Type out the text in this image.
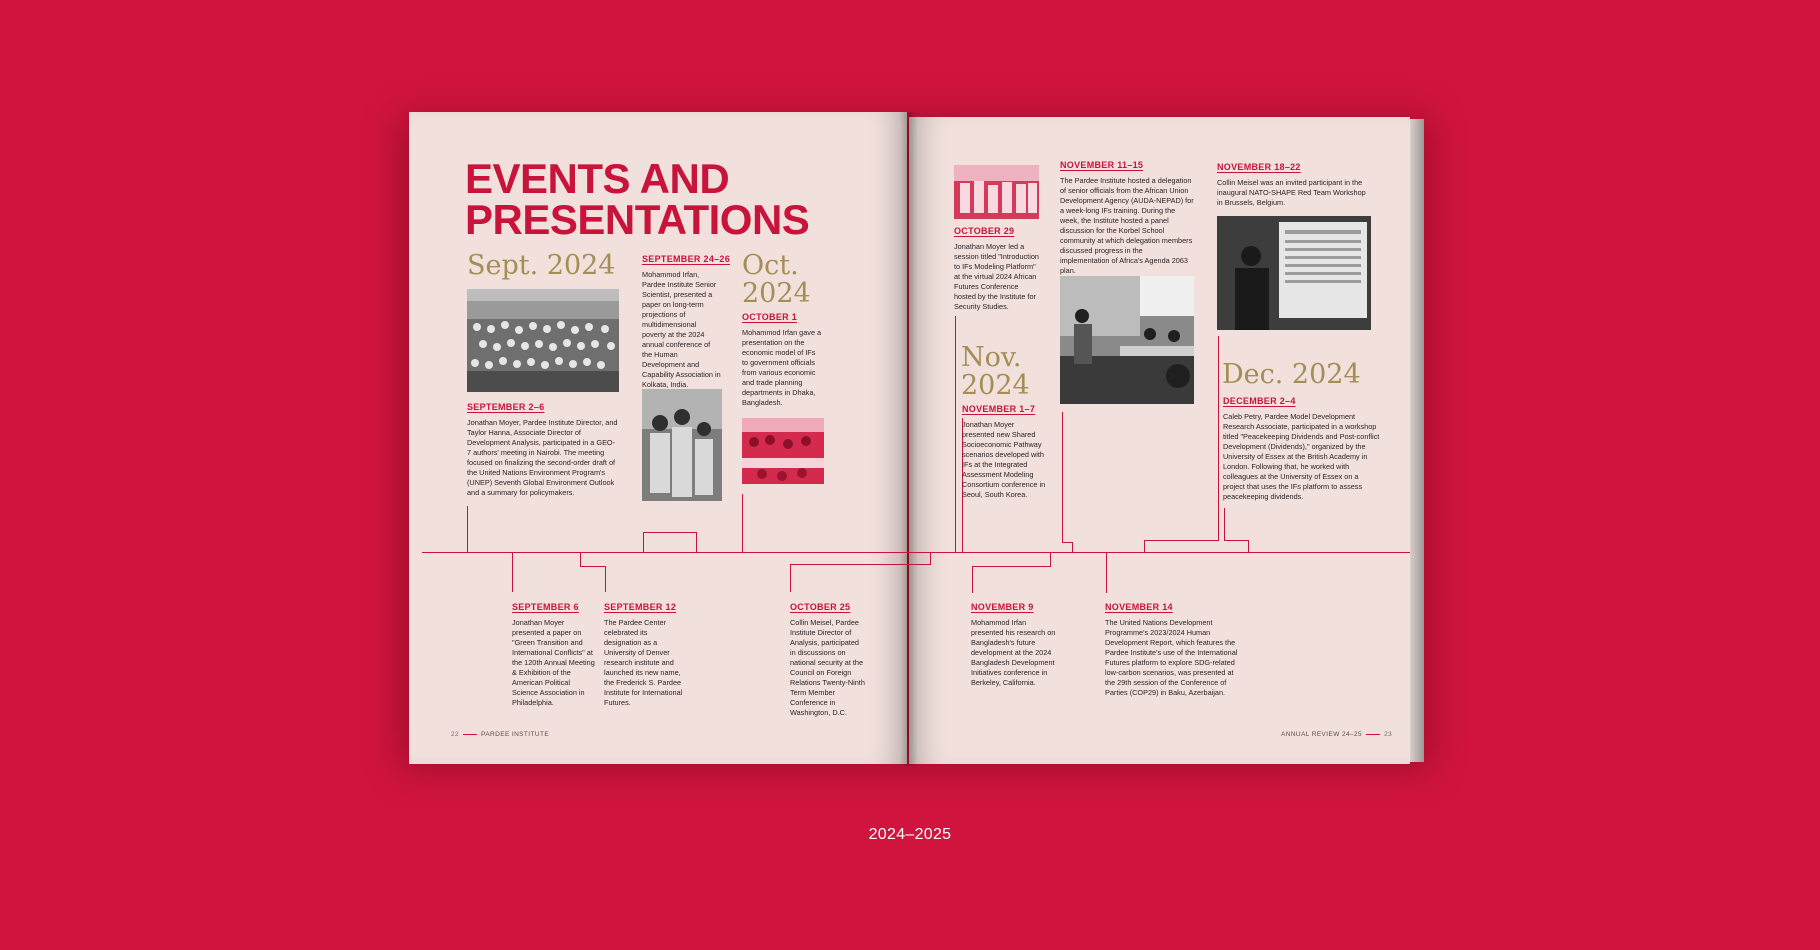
EVENTS AND
PRESENTATIONS
Sept. 2024	Oct.
2024
Nov.
2024	Dec. 2024
SEPTEMBER 2–6

Jonathan Moyer, Pardee Institute Director, and Taylor Hanna, Associate Director of Development Analysis, participated in a GEO-7 authors' meeting in Nairobi. The meeting focused on finalizing the second-order draft of the United Nations Environment Program's (UNEP) Seventh Global Environment Outlook and a summary for policymakers.

SEPTEMBER 24–26

Mohammod Irfan, Pardee Institute Senior Scientist, presented a paper on long-term projections of multidimensional poverty at the 2024 annual conference of the Human Development and Capability Association in Kolkata, India.

OCTOBER 1

Mohammod Irfan gave a presentation on the economic model of IFs to government officials from various economic and trade planning departments in Dhaka, Bangladesh.

SEPTEMBER 6

Jonathan Moyer presented a paper on "Green Transition and International Conflicts" at the 120th Annual Meeting & Exhibition of the American Political Science Association in Philadelphia.

SEPTEMBER 12

The Pardee Center celebrated its designation as a University of Denver research institute and launched its new name, the Frederick S. Pardee Institute for International Futures.

OCTOBER 25

Collin Meisel, Pardee Institute Director of Analysis, participated in discussions on national security at the Council on Foreign Relations Twenty-Ninth Term Member Conference in Washington, D.C.

22	PARDEE INSTITUTE
OCTOBER 29

Jonathan Moyer led a session titled "Introduction to IFs Modeling Platform" at the virtual 2024 African Futures Conference hosted by the Institute for Security Studies.

NOVEMBER 1–7

Jonathan Moyer presented new Shared Socioeconomic Pathway scenarios developed with IFs at the Integrated Assessment Modeling Consortium conference in Seoul, South Korea.

NOVEMBER 11–15

The Pardee Institute hosted a delegation of senior officials from the African Union Development Agency (AUDA-NEPAD) for a week-long IFs training. During the week, the Institute hosted a panel discussion for the Korbel School community at which delegation members discussed progress in the implementation of Africa's Agenda 2063 plan.

NOVEMBER 18–22

Collin Meisel was an invited participant in the inaugural NATO-SHAPE Red Team Workshop in Brussels, Belgium.

DECEMBER 2–4

Caleb Petry, Pardee Model Development Research Associate, participated in a workshop titled "Peacekeeping Dividends and Post-conflict Development (Dividends)," organized by the University of Essex at the British Academy in London. Following that, he worked with colleagues at the University of Essex on a project that uses the IFs platform to assess peacekeeping dividends.

NOVEMBER 9

Mohammod Irfan presented his research on Bangladesh's future development at the 2024 Bangladesh Development Initiatives conference in Berkeley, California.

NOVEMBER 14

The United Nations Development Programme's 2023/2024 Human Development Report, which features the Pardee Institute's use of the International Futures platform to explore SDG-related low-carbon scenarios, was presented at the 29th session of the Conference of Parties (COP29) in Baku, Azerbaijan.

ANNUAL REVIEW 24–25	23
2024–2025
